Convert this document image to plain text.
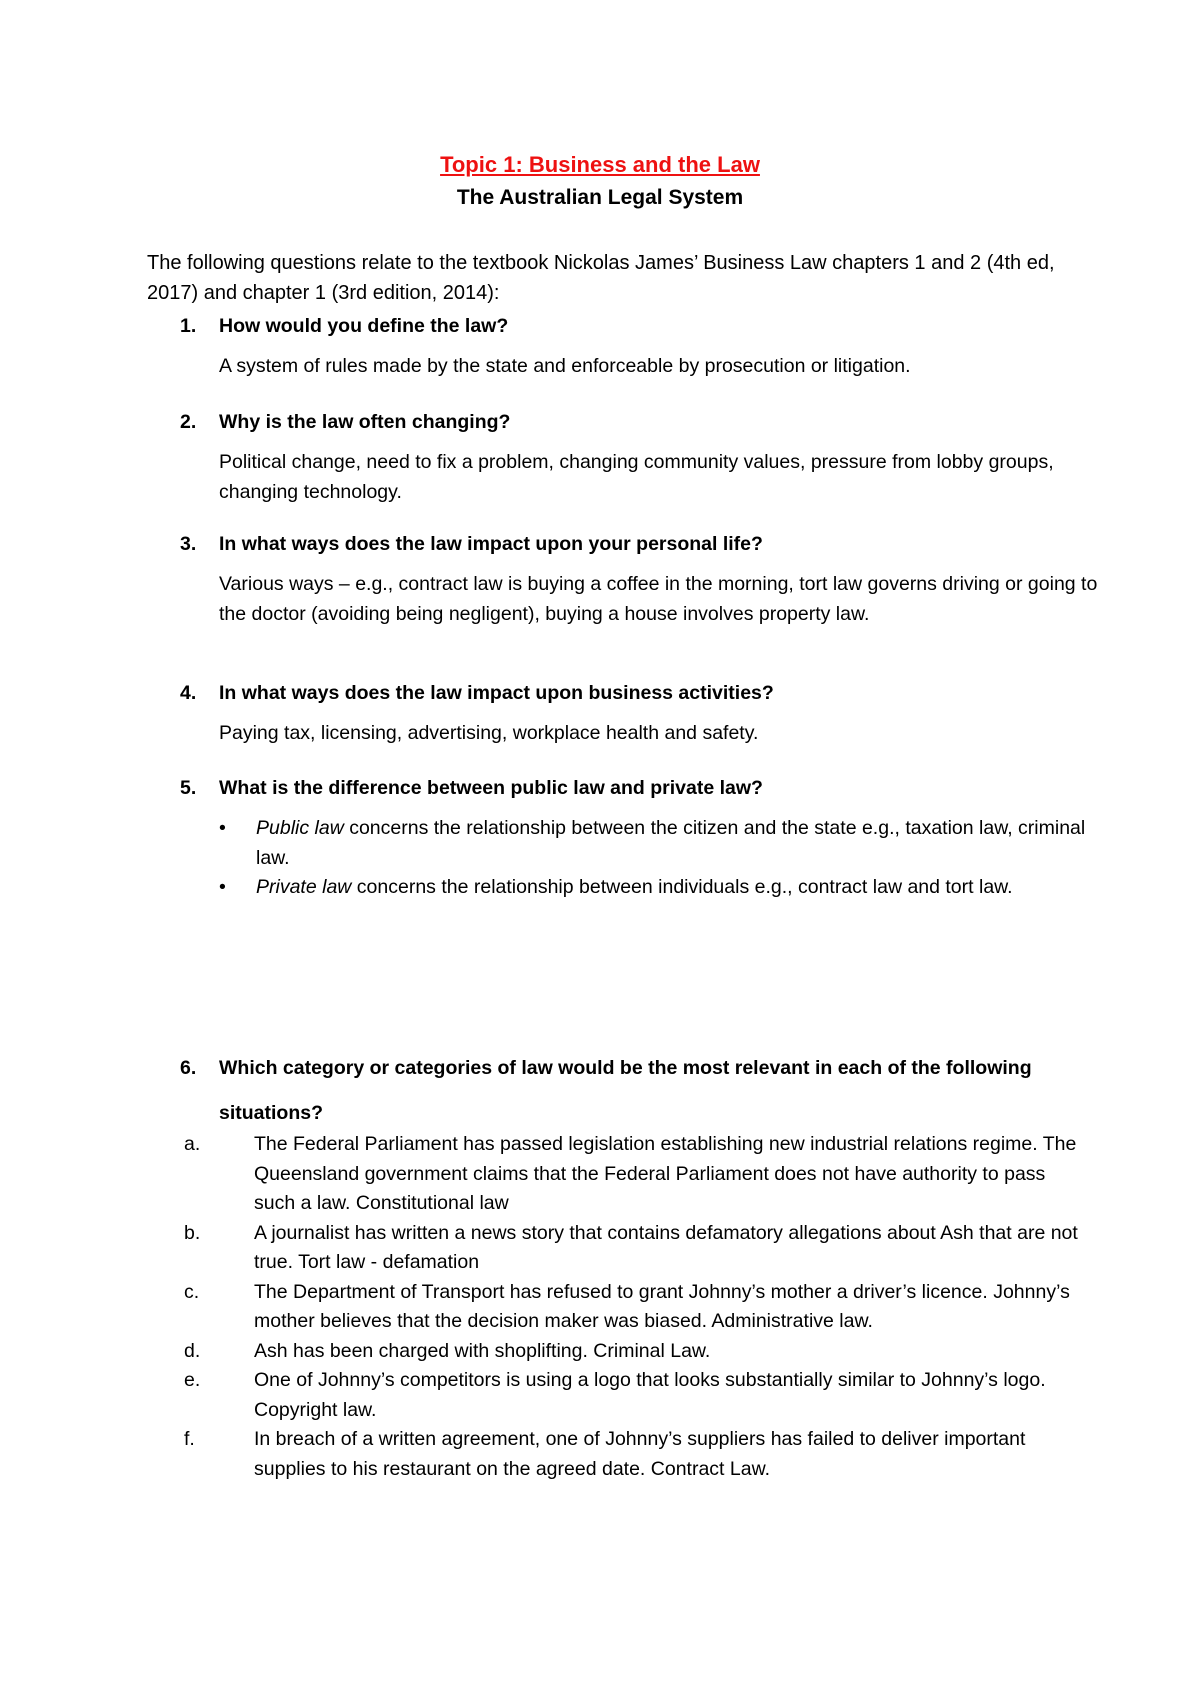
Topic 1: Business and the Law
The Australian Legal System
The following questions relate to the textbook Nickolas James’ Business Law chapters 1 and 2 (4th ed, 2017) and chapter 1 (3rd edition, 2014):
1.	How would you define the law?
A system of rules made by the state and enforceable by prosecution or litigation.
2.	Why is the law often changing?
Political change, need to fix a problem, changing community values, pressure from lobby groups, changing technology.
3.	In what ways does the law impact upon your personal life?
Various ways – e.g., contract law is buying a coffee in the morning, tort law governs driving or going to the doctor (avoiding being negligent), buying a house involves property law.
4.	In what ways does the law impact upon business activities?
Paying tax, licensing, advertising, workplace health and safety.
5.	What is the difference between public law and private law?
•	Public law concerns the relationship between the citizen and the state e.g., taxation law, criminal law.
•	Private law concerns the relationship between individuals e.g., contract law and tort law.
6. Which category or categories of law would be the most relevant in each of the following situations?
a.	The Federal Parliament has passed legislation establishing new industrial relations regime. The Queensland government claims that the Federal Parliament does not have authority to pass such a law. Constitutional law
b.	A journalist has written a news story that contains defamatory allegations about Ash that are not true. Tort law - defamation
c.	The Department of Transport has refused to grant Johnny’s mother a driver’s licence. Johnny’s mother believes that the decision maker was biased. Administrative law.
d.	Ash has been charged with shoplifting. Criminal Law.
e.	One of Johnny’s competitors is using a logo that looks substantially similar to Johnny’s logo. Copyright law.
f.	In breach of a written agreement, one of Johnny’s suppliers has failed to deliver important supplies to his restaurant on the agreed date. Contract Law.
